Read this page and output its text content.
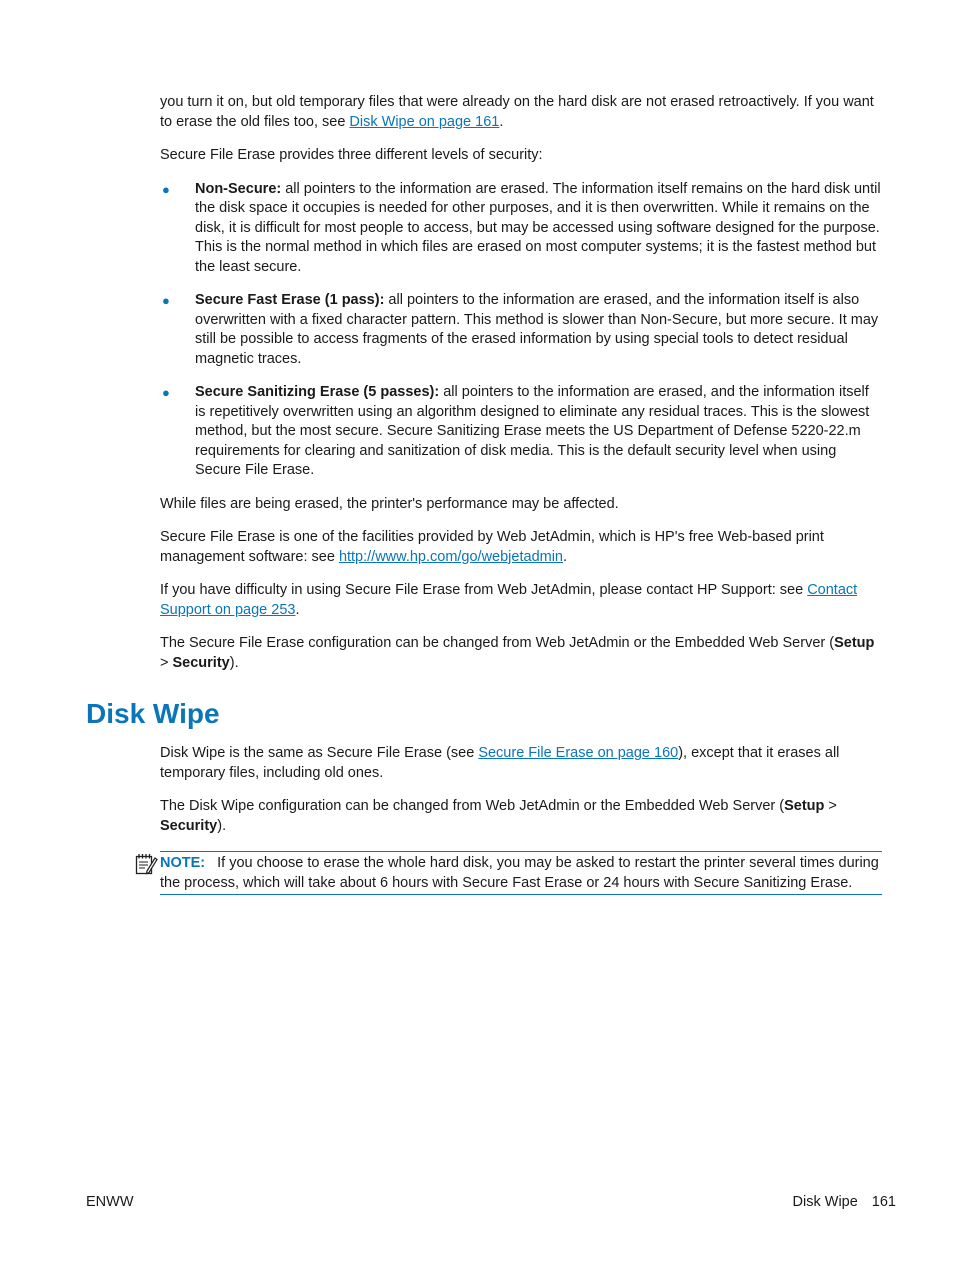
you turn it on, but old temporary files that were already on the hard disk are not erased retroactively. If you want to erase the old files too, see Disk Wipe on page 161.

Secure File Erase provides three different levels of security:

● Non-Secure: all pointers to the information are erased. The information itself remains on the hard disk until the disk space it occupies is needed for other purposes, and it is then overwritten. While it remains on the disk, it is difficult for most people to access, but may be accessed using software designed for the purpose. This is the normal method in which files are erased on most computer systems; it is the fastest method but the least secure.
● Secure Fast Erase (1 pass): all pointers to the information are erased, and the information itself is also overwritten with a fixed character pattern. This method is slower than Non-Secure, but more secure. It may still be possible to access fragments of the erased information by using special tools to detect residual magnetic traces.
● Secure Sanitizing Erase (5 passes): all pointers to the information are erased, and the information itself is repetitively overwritten using an algorithm designed to eliminate any residual traces. This is the slowest method, but the most secure. Secure Sanitizing Erase meets the US Department of Defense 5220-22.m requirements for clearing and sanitization of disk media. This is the default security level when using Secure File Erase.

While files are being erased, the printer's performance may be affected.

Secure File Erase is one of the facilities provided by Web JetAdmin, which is HP's free Web-based print management software: see http://www.hp.com/go/webjetadmin.

If you have difficulty in using Secure File Erase from Web JetAdmin, please contact HP Support: see Contact Support on page 253.

The Secure File Erase configuration can be changed from Web JetAdmin or the Embedded Web Server (Setup > Security).

Disk Wipe

Disk Wipe is the same as Secure File Erase (see Secure File Erase on page 160), except that it erases all temporary files, including old ones.

The Disk Wipe configuration can be changed from Web JetAdmin or the Embedded Web Server (Setup > Security).

NOTE: If you choose to erase the whole hard disk, you may be asked to restart the printer several times during the process, which will take about 6 hours with Secure Fast Erase or 24 hours with Secure Sanitizing Erase.

ENWW	Disk Wipe 161
